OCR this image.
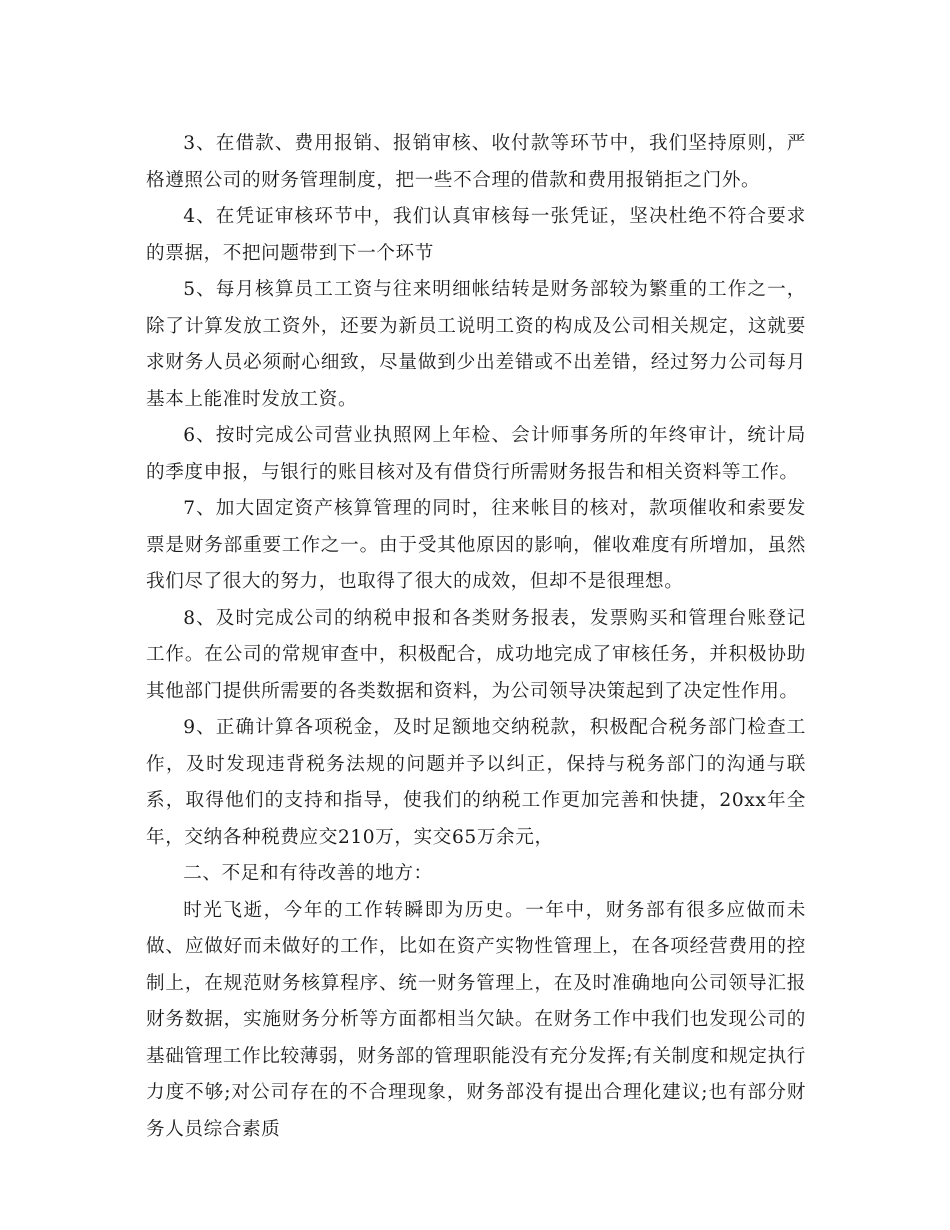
3、在借款、费用报销、报销审核、收付款等环节中，我们坚持原则，严格遵照公司的财务管理制度，把一些不合理的借款和费用报销拒之门外。

4、在凭证审核环节中，我们认真审核每一张凭证，坚决杜绝不符合要求的票据，不把问题带到下一个环节

5、每月核算员工工资与往来明细帐结转是财务部较为繁重的工作之一，除了计算发放工资外，还要为新员工说明工资的构成及公司相关规定，这就要求财务人员必须耐心细致，尽量做到少出差错或不出差错，经过努力公司每月基本上能准时发放工资。

6、按时完成公司营业执照网上年检、会计师事务所的年终审计，统计局的季度申报，与银行的账目核对及有借贷行所需财务报告和相关资料等工作。

7、加大固定资产核算管理的同时，往来帐目的核对，款项催收和索要发票是财务部重要工作之一。由于受其他原因的影响，催收难度有所增加，虽然我们尽了很大的努力，也取得了很大的成效，但却不是很理想。

8、及时完成公司的纳税申报和各类财务报表，发票购买和管理台账登记工作。在公司的常规审查中，积极配合，成功地完成了审核任务，并积极协助其他部门提供所需要的各类数据和资料，为公司领导决策起到了决定性作用。

9、正确计算各项税金，及时足额地交纳税款，积极配合税务部门检查工作，及时发现违背税务法规的问题并予以纠正，保持与税务部门的沟通与联系，取得他们的支持和指导，使我们的纳税工作更加完善和快捷，20xx年全年，交纳各种税费应交210万，实交65万余元，

二、不足和有待改善的地方：

时光飞逝，今年的工作转瞬即为历史。一年中，财务部有很多应做而未做、应做好而未做好的工作，比如在资产实物性管理上，在各项经营费用的控制上，在规范财务核算程序、统一财务管理上，在及时准确地向公司领导汇报财务数据，实施财务分析等方面都相当欠缺。在财务工作中我们也发现公司的基础管理工作比较薄弱，财务部的管理职能没有充分发挥;有关制度和规定执行力度不够;对公司存在的不合理现象，财务部没有提出合理化建议;也有部分财务人员综合素质
